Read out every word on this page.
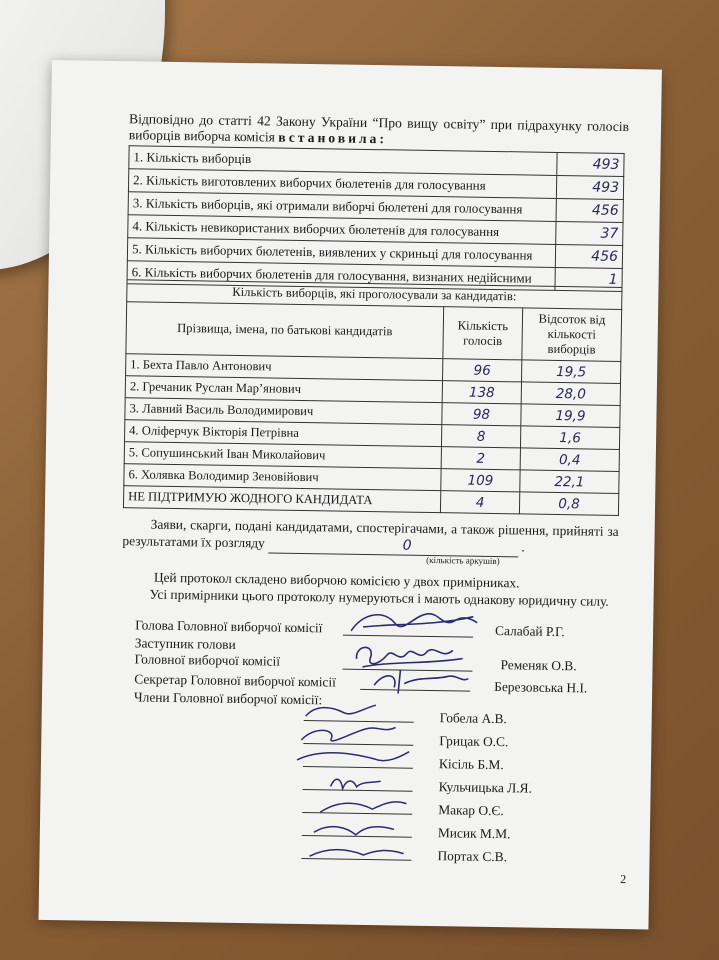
Відповідно до статті 42 Закону України “Про вищу освіту” при підрахунку голосів виборців виборча комісія встановила:
1. Кількість виборців	493
2. Кількість виготовлених виборчих бюлетенів для голосування	493
3. Кількість виборців, які отримали виборчі бюлетені для голосування	456
4. Кількість невикористаних виборчих бюлетенів для голосування	37
5. Кількість виборчих бюлетенів, виявлених у скриньці для голосування	456
6. Кількість виборчих бюлетенів для голосування, визнаних недійсними	1
Кількість виборців, які проголосували за кандидатів:		
Прізвища, імена, по батькові кандидатів	Кількість голосів	Відсоток від кількості виборців
1. Бехта Павло Антонович	96	19,5
2. Гречаник Руслан Мар’янович	138	28,0
3. Лавний Василь Володимирович	98	19,9
4. Оліферчук Вікторія Петрівна	8	1,6
5. Сопушинський Іван Миколайович	2	0,4
6. Холявка Володимир Зеновійович	109	22,1
НЕ ПІДТРИМУЮ ЖОДНОГО КАНДИДАТА	4	0,8
Заяви, скарги, подані кандидатами, спостерігачами, а також рішення, прийняті за результатами їх розгляду	0	.
(кількість аркушів)
Цей протокол складено виборчою комісією у двох примірниках.
Усі примірники цього протоколу нумеруються і мають однакову юридичну силу.
Голова Головної виборчої комісії	Салабай Р.Г.
Заступник голови
Головної виборчої комісії	Ременяк О.В.
Секретар Головної виборчої комісії	Березовська Н.І.
Члени Головної виборчої комісії:
Гобела А.В.
Грицак О.С.
Кісіль Б.М.
Кульчицька Л.Я.
Макар О.Є.
Мисик М.М.
Портах С.В.
2
